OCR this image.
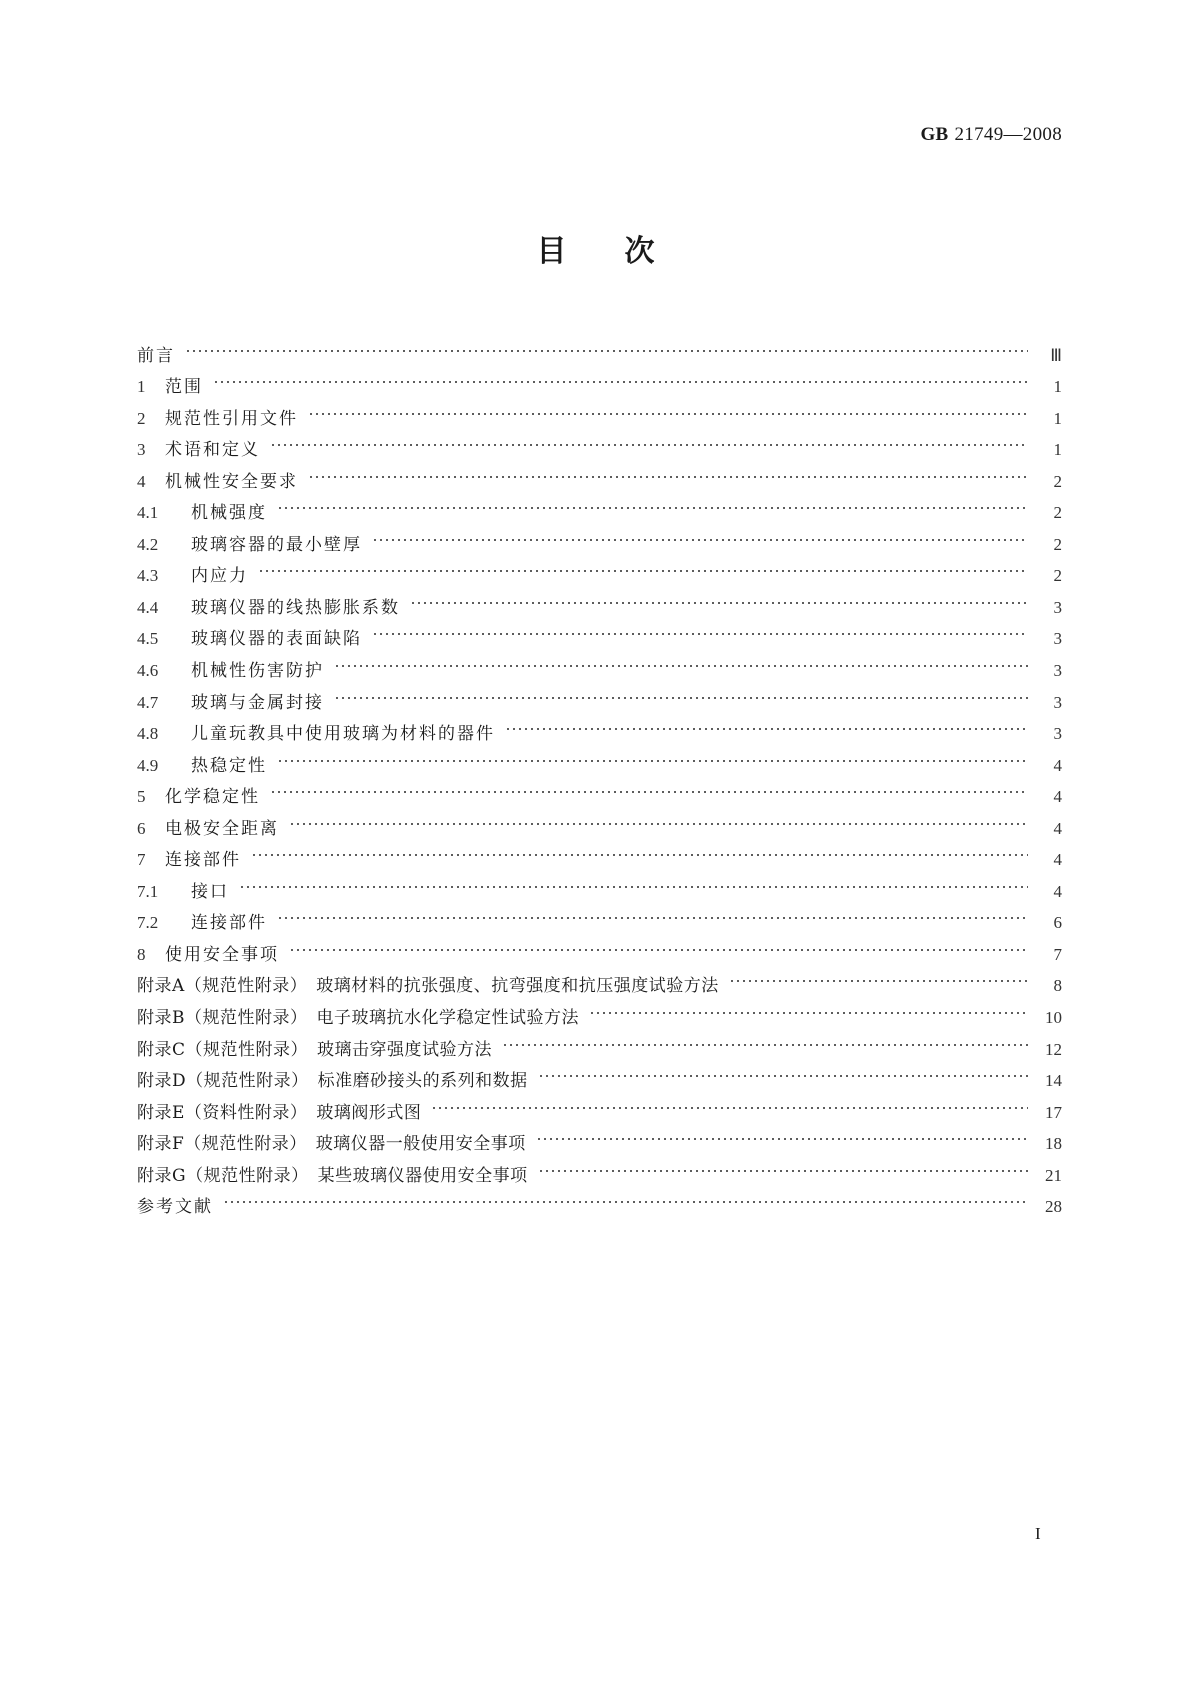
GB 21749—2008
目次
前言	Ⅲ
1	范围	1
2	规范性引用文件	1
3	术语和定义	1
4	机械性安全要求	2
4.1	机械强度	2
4.2	玻璃容器的最小壁厚	2
4.3	内应力	2
4.4	玻璃仪器的线热膨胀系数	3
4.5	玻璃仪器的表面缺陷	3
4.6	机械性伤害防护	3
4.7	玻璃与金属封接	3
4.8	儿童玩教具中使用玻璃为材料的器件	3
4.9	热稳定性	4
5	化学稳定性	4
6	电极安全距离	4
7	连接部件	4
7.1	接口	4
7.2	连接部件	6
8	使用安全事项	7
附录A（规范性附录）　玻璃材料的抗张强度、抗弯强度和抗压强度试验方法	8
附录B（规范性附录）　电子玻璃抗水化学稳定性试验方法	10
附录C（规范性附录）　玻璃击穿强度试验方法	12
附录D（规范性附录）　标准磨砂接头的系列和数据	14
附录E（资料性附录）　玻璃阀形式图	17
附录F（规范性附录）　玻璃仪器一般使用安全事项	18
附录G（规范性附录）　某些玻璃仪器使用安全事项	21
参考文献	28
I
